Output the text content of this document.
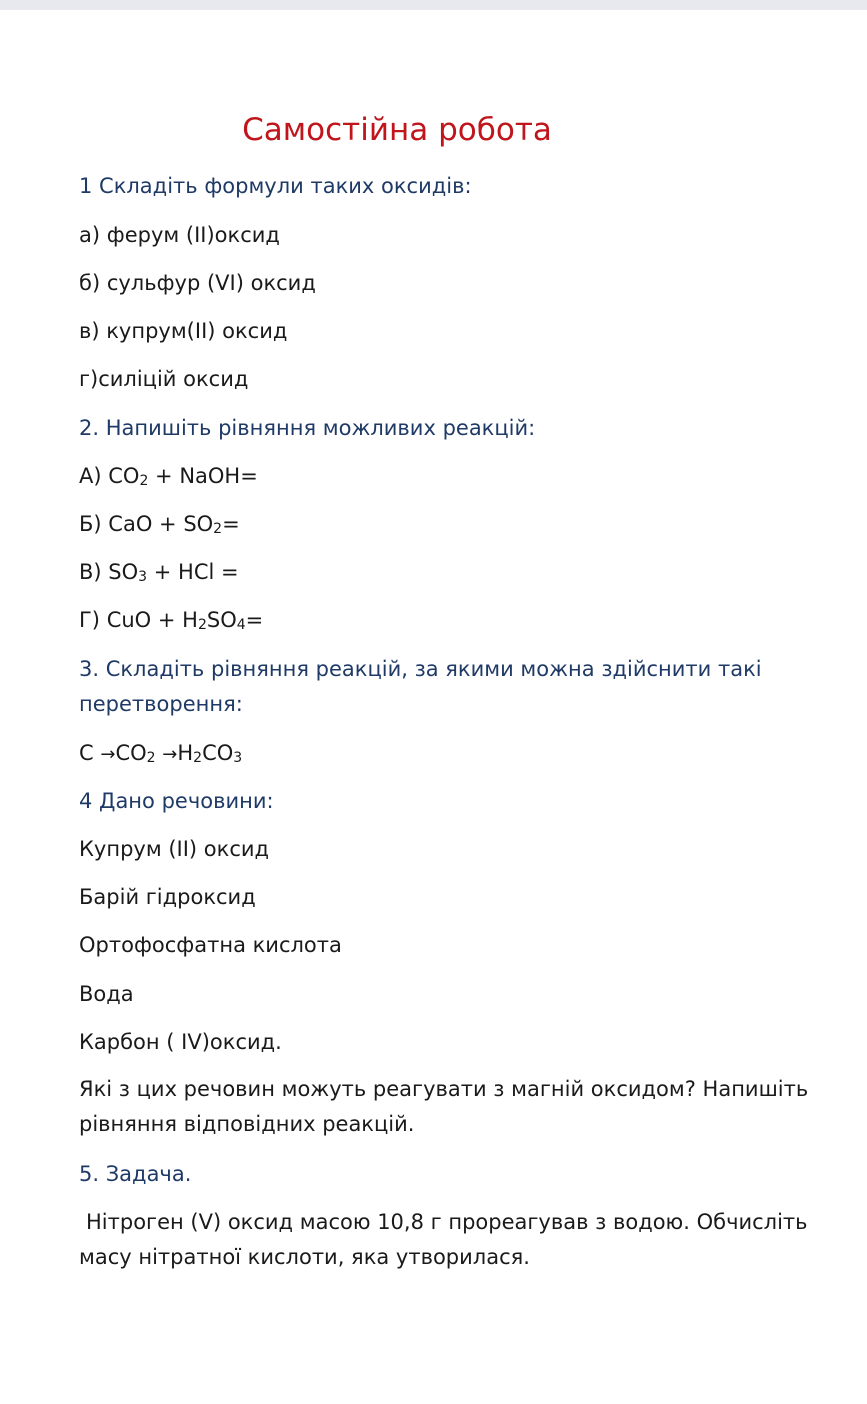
Самостійна робота
1 Складіть формули таких оксидів:
а) ферум (ІІ)оксид
б) сульфур (VI) оксид
в) купрум(ІІ) оксид
г)силіцій оксид
2. Напишіть рівняння можливих реакцій:
А) $CO_2$ + NaOH=
Б) CaO + $SO_2=$
В) $SO_3$ + HCl =
Г) CuO + $H_2SO_4=$
3. Складіть рівняння реакцій, за якими можна здійснити такі перетворення:
$C \to CO_2 \to H_2CO_3$
4 Дано речовини:
Купрум (ІІ) оксид
Барій гідроксид
Ортофосфатна кислота
Вода
Карбон ( ІV)оксид.
Які з цих речовин можуть реагувати з магній оксидом? Напишіть рівняння відповідних реакцій.
5. Задача.
Нітроген (V) оксид масою 10,8 г прореагував з водою. Обчисліть масу нітратної кислоти, яка утворилася.
